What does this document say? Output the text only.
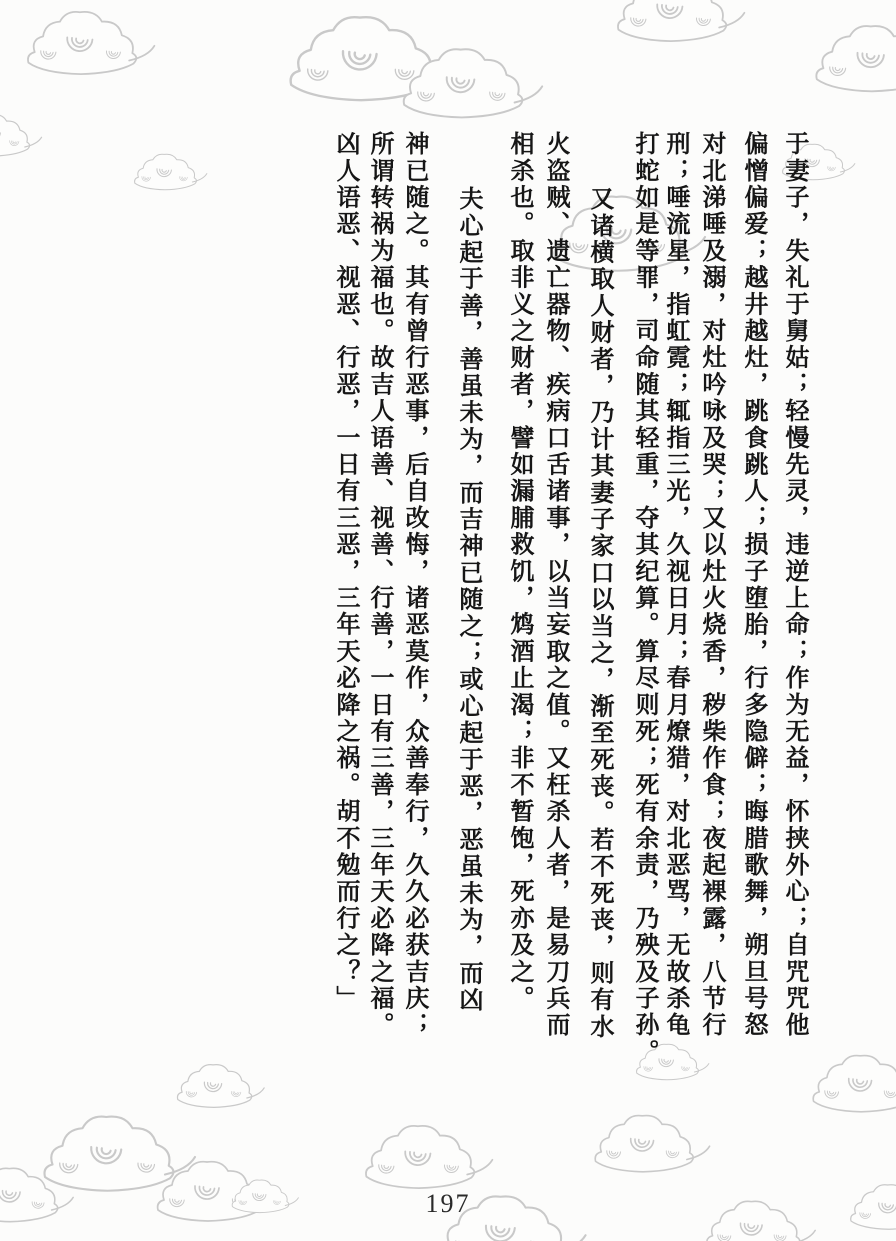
于妻子，失礼于舅姑；轻慢先灵，违逆上命；作为无益，怀挟外心；自咒咒他
偏憎偏爱；越井越灶，跳食跳人；损子堕胎，行多隐僻；晦腊歌舞，朔旦号怒
对北涕唾及溺，对灶吟咏及哭；又以灶火烧香，秽柴作食；夜起裸露，八节行
刑；唾流星，指虹霓；辄指三光，久视日月；春月燎猎，对北恶骂，无故杀龟
打蛇如是等罪，司命随其轻重，夺其纪算。算尽则死；死有余责，乃殃及子孙。
又诸横取人财者，乃计其妻子家口以当之，渐至死丧。若不死丧，则有水
火盗贼、遗亡器物、疾病口舌诸事，以当妄取之值。又枉杀人者，是易刀兵而
相杀也。取非义之财者，譬如漏脯救饥，鸩酒止渴；非不暂饱，死亦及之。
夫心起于善，善虽未为，而吉神已随之；或心起于恶，恶虽未为，而凶
神已随之。其有曾行恶事，后自改悔，诸恶莫作，众善奉行，久久必获吉庆；
所谓转祸为福也。故吉人语善、视善、行善，一日有三善，三年天必降之福。
凶人语恶、视恶、行恶，一日有三恶，三年天必降之祸。胡不勉而行之？」
197
